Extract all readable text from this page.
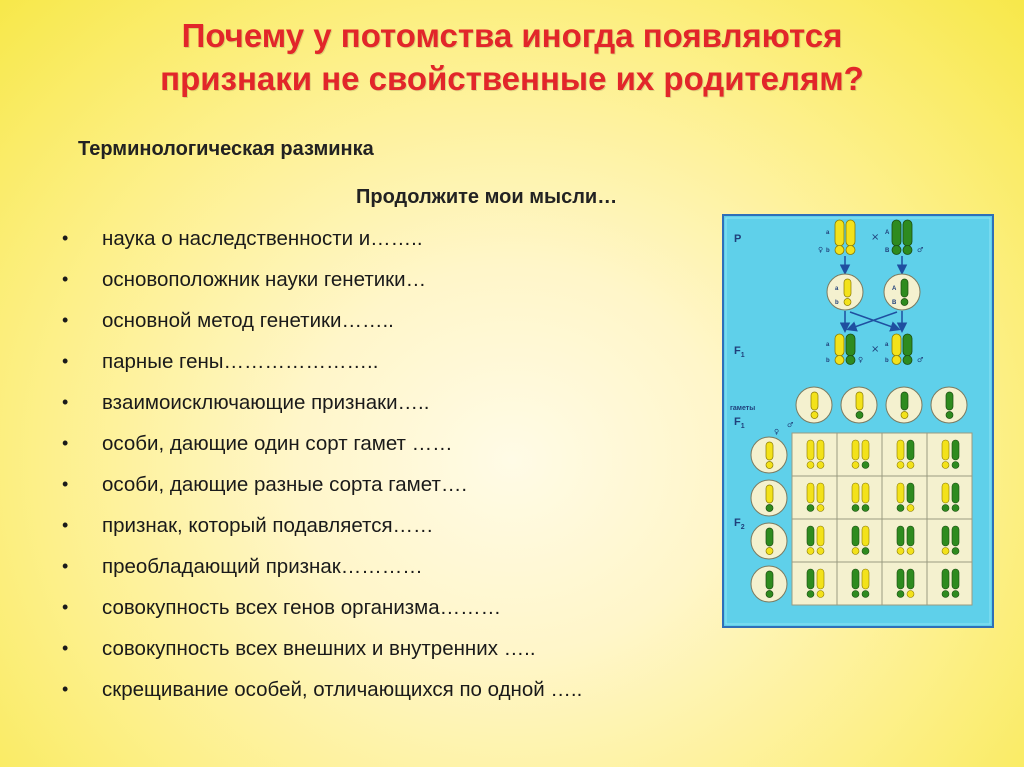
Почему у потомства иногда появляются
признаки не свойственные их родителям?
Терминологическая разминка
Продолжите мои мысли…
• наука о наследственности и……..
• основоположник науки генетики…
• основной метод генетики……..
• парные гены…………………..
• взаимоисключающие признаки…..
• особи, дающие один сорт гамет ……
• особи, дающие разные сорта гамет….
• признак, который подавляется……
• преобладающий признак…………
• совокупность всех генов организма………
• совокупность всех внешних и внутренних …..
• скрещивание особей, отличающихся по одной …..
P
$F_1$
гаметы
$F_1$
$F_2$
a
b
♀
× A
B	♂
a
b
A
B
a
b	♀
× a
b	♂
♂
♀
